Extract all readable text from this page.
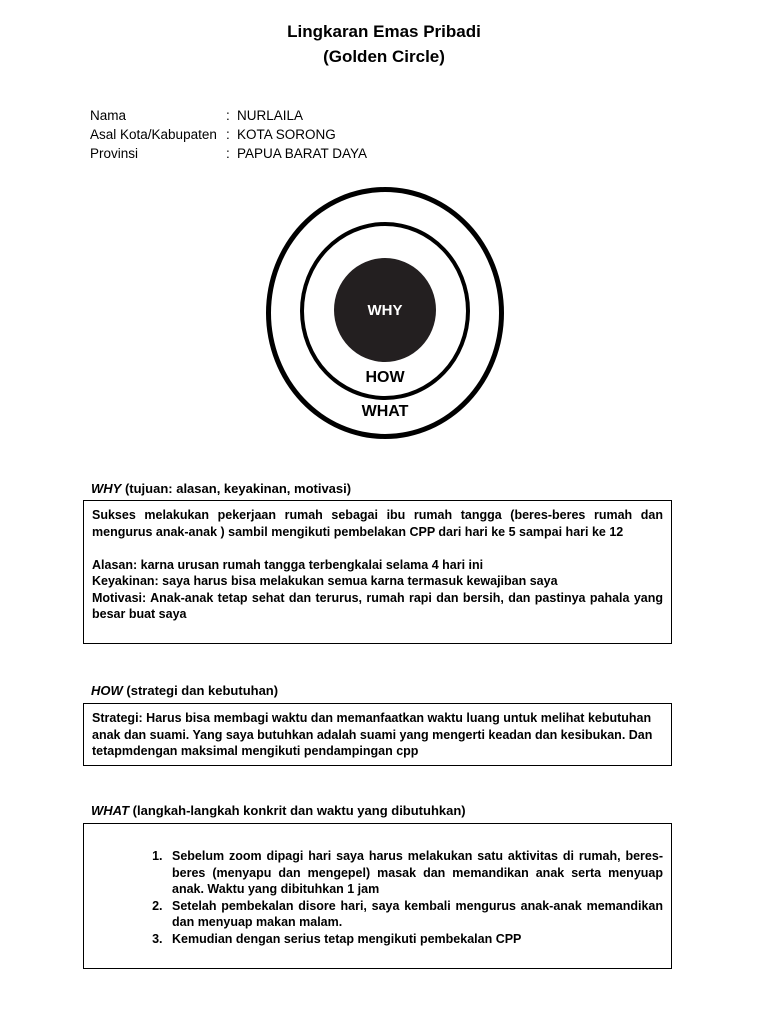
Lingkaran Emas Pribadi
(Golden Circle)
Nama	: NURLAILA
Asal Kota/Kabupaten : KOTA SORONG
Provinsi	: PAPUA BARAT DAYA
WHY
HOW
WHAT
WHY (tujuan: alasan, keyakinan, motivasi)

Sukses melakukan pekerjaan rumah sebagai ibu rumah tangga (beres-beres rumah dan mengurus anak-anak ) sambil mengikuti pembelakan CPP dari hari ke 5 sampai hari ke 12

Alasan: karna urusan rumah tangga terbengkalai selama 4 hari ini

Keyakinan: saya harus bisa melakukan semua karna termasuk kewajiban saya

Motivasi: Anak-anak tetap sehat dan terurus, rumah rapi dan bersih, dan pastinya pahala yang besar buat saya

HOW (strategi dan kebutuhan)

Strategi: Harus bisa membagi waktu dan memanfaatkan waktu luang untuk melihat kebutuhan anak dan suami. Yang saya butuhkan adalah suami yang mengerti keadan dan kesibukan. Dan tetapmdengan maksimal mengikuti pendampingan cpp

WHAT (langkah-langkah konkrit dan waktu yang dibutuhkan)
1. Sebelum zoom dipagi hari saya harus melakukan satu aktivitas di rumah, beres-beres (menyapu dan mengepel) masak dan memandikan anak serta menyuap anak. Waktu yang dibituhkan 1 jam
2. Setelah pembekalan disore hari, saya kembali mengurus anak-anak memandikan dan menyuap makan malam.
3. Kemudian dengan serius tetap mengikuti pembekalan CPP
